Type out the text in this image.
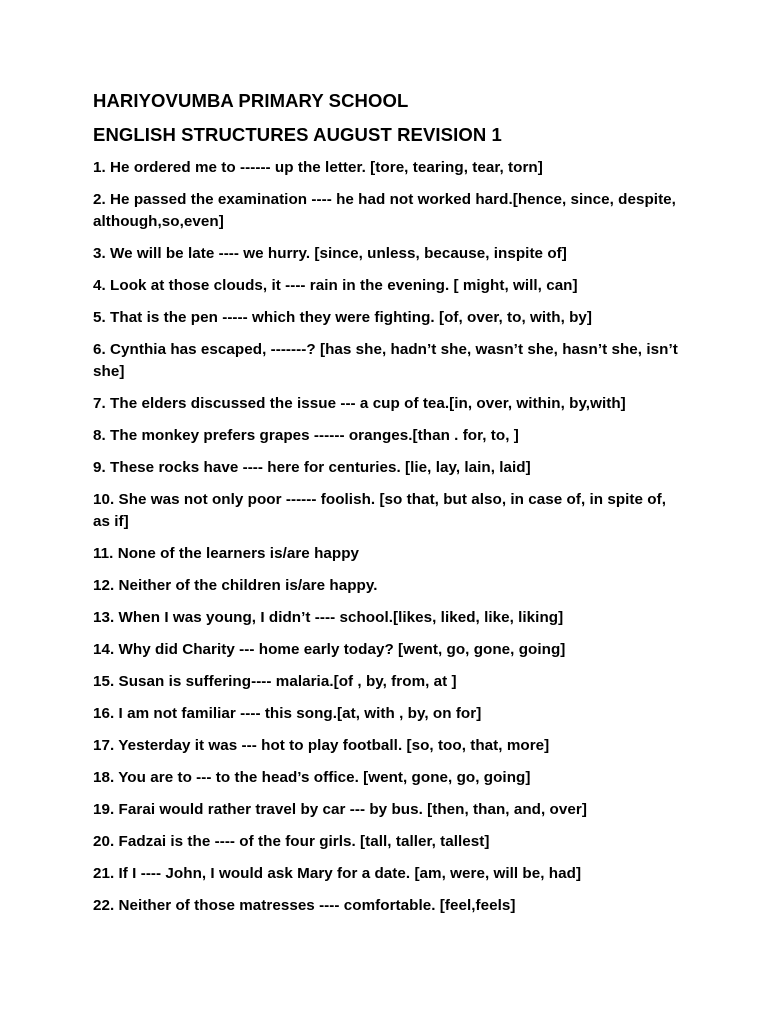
HARIYOVUMBA PRIMARY SCHOOL
ENGLISH STRUCTURES AUGUST REVISION 1
1. He ordered me to ------ up the letter. [tore, tearing, tear, torn]
2. He passed the examination ---- he had not worked hard.[hence, since, despite, although,so,even]
3. We will be late ---- we hurry. [since, unless, because, inspite of]
4. Look at those clouds, it ---- rain in the evening. [ might, will, can]
5. That is the pen ----- which they were fighting. [of, over, to, with, by]
6. Cynthia has escaped, -------? [has she, hadn’t she, wasn’t she, hasn’t she, isn’t she]
7. The elders discussed the issue --- a cup of tea.[in, over, within, by,with]
8. The monkey prefers grapes ------ oranges.[than . for, to, ]
9. These rocks have ---- here for centuries. [lie, lay, lain, laid]
10. She was not only poor ------ foolish. [so that, but also, in case of, in spite of, as if]
11. None of the learners is/are happy
12. Neither of the children is/are happy.
13. When I was young, I didn’t ---- school.[likes, liked, like, liking]
14. Why did Charity --- home early today? [went, go, gone, going]
15. Susan is suffering---- malaria.[of , by, from, at ]
16. I am not familiar ---- this song.[at, with , by, on for]
17. Yesterday it was --- hot to play football. [so, too, that, more]
18. You are to --- to the head’s office. [went, gone, go, going]
19. Farai would rather travel by car --- by bus. [then, than, and, over]
20. Fadzai is the ---- of the four girls. [tall, taller, tallest]
21. If I ---- John, I would ask Mary for a date. [am, were, will be, had]
22. Neither of those matresses ---- comfortable. [feel,feels]
